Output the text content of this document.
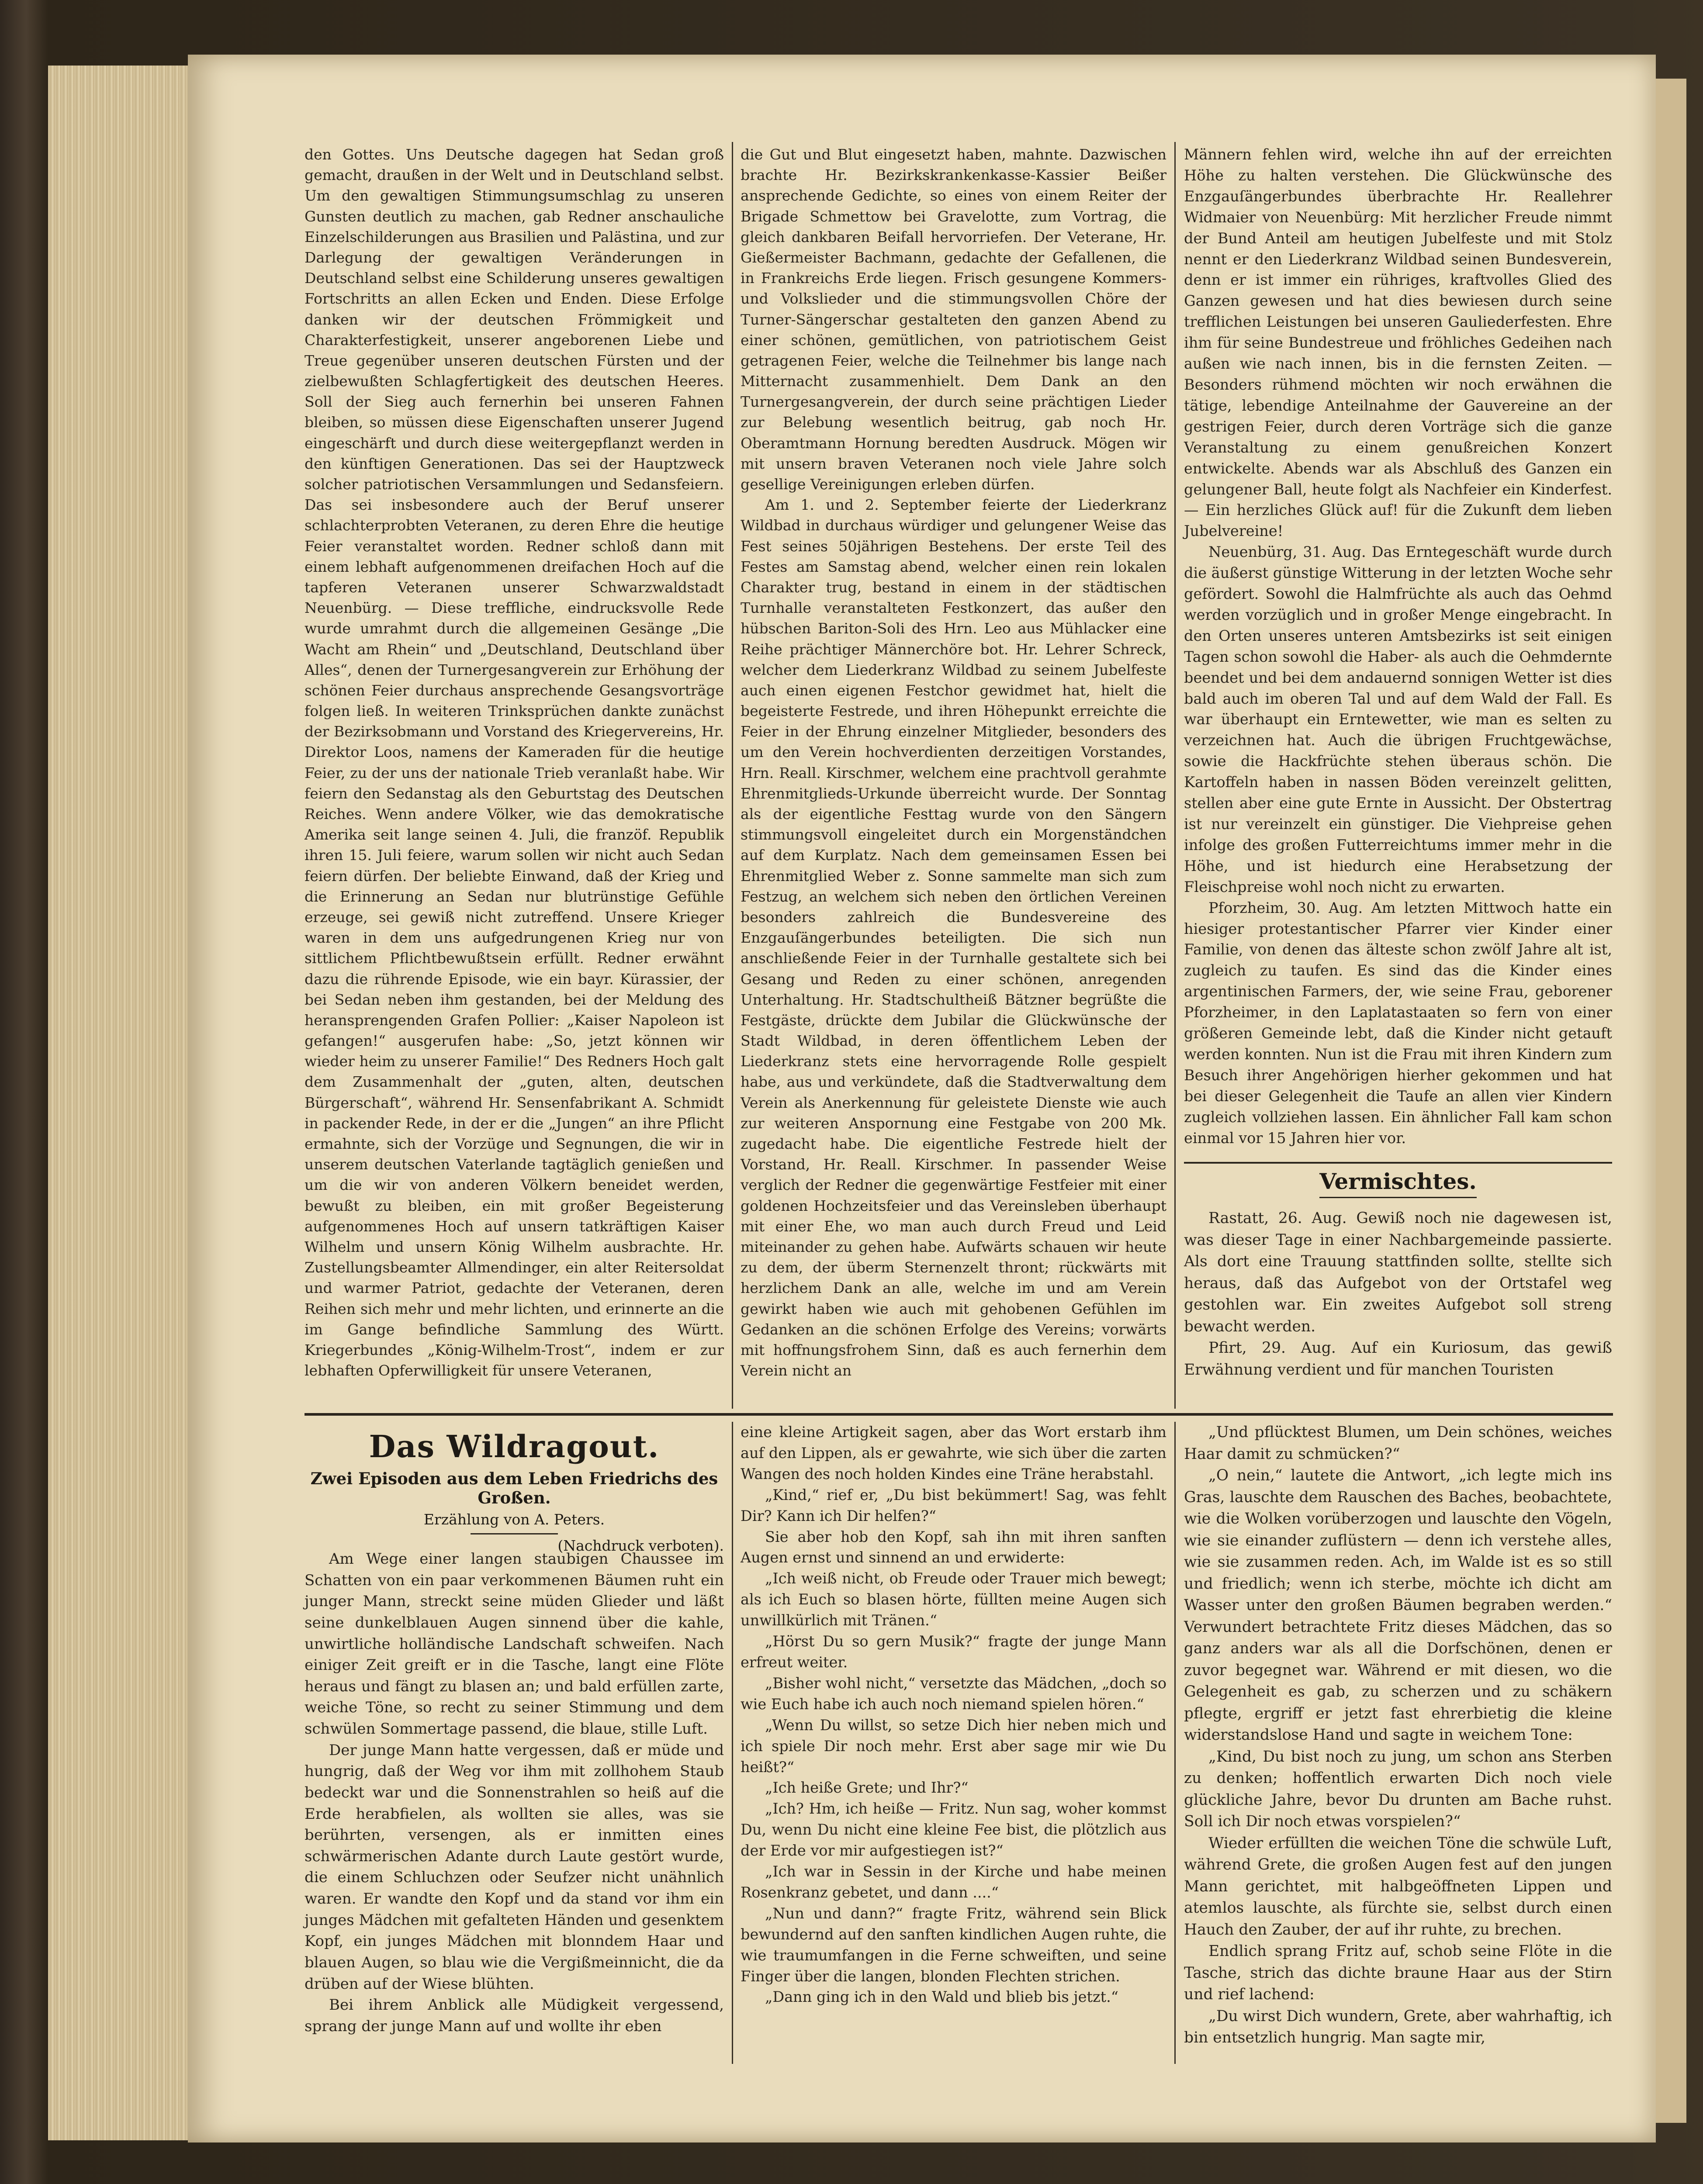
den Gottes. Uns Deutsche dagegen hat Sedan groß gemacht, draußen in der Welt und in Deutschland selbst. Um den gewaltigen Stimmungsumschlag zu unseren Gunsten deutlich zu machen, gab Redner anschauliche Einzelschilderungen aus Brasilien und Palästina, und zur Darlegung der gewaltigen Veränderungen in Deutschland selbst eine Schilderung unseres gewaltigen Fortschritts an allen Ecken und Enden. Diese Erfolge danken wir der deutschen Frömmigkeit und Charakterfestigkeit, unserer angeborenen Liebe und Treue gegenüber unseren deutschen Fürsten und der zielbewußten Schlagfertigkeit des deutschen Heeres. Soll der Sieg auch fernerhin bei unseren Fahnen bleiben, so müssen diese Eigenschaften unserer Jugend eingeschärft und durch diese weitergepflanzt werden in den künftigen Generationen. Das sei der Hauptzweck solcher patriotischen Versammlungen und Sedansfeiern. Das sei insbesondere auch der Beruf unserer schlachterprobten Veteranen, zu deren Ehre die heutige Feier veranstaltet worden. Redner schloß dann mit einem lebhaft aufgenommenen dreifachen Hoch auf die tapferen Veteranen unserer Schwarzwaldstadt Neuenbürg. — Diese treffliche, eindrucksvolle Rede wurde umrahmt durch die allgemeinen Gesänge „Die Wacht am Rhein“ und „Deutschland, Deutschland über Alles“, denen der Turnergesangverein zur Erhöhung der schönen Feier durchaus ansprechende Gesangsvorträge folgen ließ. In weiteren Trinksprüchen dankte zunächst der Bezirksobmann und Vorstand des Kriegervereins, Hr. Direktor Loos, namens der Kameraden für die heutige Feier, zu der uns der nationale Trieb veranlaßt habe. Wir feiern den Sedanstag als den Geburtstag des Deutschen Reiches. Wenn andere Völker, wie das demokratische Amerika seit lange seinen 4. Juli, die franzöf. Republik ihren 15. Juli feiere, warum sollen wir nicht auch Sedan feiern dürfen. Der beliebte Einwand, daß der Krieg und die Erinnerung an Sedan nur blutrünstige Gefühle erzeuge, sei gewiß nicht zutreffend. Unsere Krieger waren in dem uns aufgedrungenen Krieg nur von sittlichem Pflichtbewußtsein erfüllt. Redner erwähnt dazu die rührende Episode, wie ein bayr. Kürassier, der bei Sedan neben ihm gestanden, bei der Meldung des heransprengenden Grafen Pollier: „Kaiser Napoleon ist gefangen!“ ausgerufen habe: „So, jetzt können wir wieder heim zu unserer Familie!“ Des Redners Hoch galt dem Zusammenhalt der „guten, alten, deutschen Bürgerschaft“, während Hr. Sensenfabrikant A. Schmidt in packender Rede, in der er die „Jungen“ an ihre Pflicht ermahnte, sich der Vorzüge und Segnungen, die wir in unserem deutschen Vaterlande tagtäglich genießen und um die wir von anderen Völkern beneidet werden, bewußt zu bleiben, ein mit großer Begeisterung aufgenommenes Hoch auf unsern tatkräftigen Kaiser Wilhelm und unsern König Wilhelm ausbrachte. Hr. Zustellungsbeamter Allmendinger, ein alter Reitersoldat und warmer Patriot, gedachte der Veteranen, deren Reihen sich mehr und mehr lichten, und erinnerte an die im Gange befindliche Sammlung des Württ. Kriegerbundes „König-Wilhelm-Trost“, indem er zur lebhaften Opferwilligkeit für unsere Veteranen,

die Gut und Blut eingesetzt haben, mahnte. Dazwischen brachte Hr. Bezirkskrankenkasse-Kassier Beißer ansprechende Gedichte, so eines von einem Reiter der Brigade Schmettow bei Gravelotte, zum Vortrag, die gleich dankbaren Beifall hervorriefen. Der Veterane, Hr. Gießermeister Bachmann, gedachte der Gefallenen, die in Frankreichs Erde liegen. Frisch gesungene Kommers- und Volkslieder und die stimmungsvollen Chöre der Turner-Sängerschar gestalteten den ganzen Abend zu einer schönen, gemütlichen, von patriotischem Geist getragenen Feier, welche die Teilnehmer bis lange nach Mitternacht zusammenhielt. Dem Dank an den Turnergesangverein, der durch seine prächtigen Lieder zur Belebung wesentlich beitrug, gab noch Hr. Oberamtmann Hornung beredten Ausdruck. Mögen wir mit unsern braven Veteranen noch viele Jahre solch gesellige Vereinigungen erleben dürfen.

Am 1. und 2. September feierte der Liederkranz Wildbad in durchaus würdiger und gelungener Weise das Fest seines 50jährigen Bestehens. Der erste Teil des Festes am Samstag abend, welcher einen rein lokalen Charakter trug, bestand in einem in der städtischen Turnhalle veranstalteten Festkonzert, das außer den hübschen Bariton-Soli des Hrn. Leo aus Mühlacker eine Reihe prächtiger Männerchöre bot. Hr. Lehrer Schreck, welcher dem Liederkranz Wildbad zu seinem Jubelfeste auch einen eigenen Festchor gewidmet hat, hielt die begeisterte Festrede, und ihren Höhepunkt erreichte die Feier in der Ehrung einzelner Mitglieder, besonders des um den Verein hochverdienten derzeitigen Vorstandes, Hrn. Reall. Kirschmer, welchem eine prachtvoll gerahmte Ehrenmitglieds-Urkunde überreicht wurde. Der Sonntag als der eigentliche Festtag wurde von den Sängern stimmungsvoll eingeleitet durch ein Morgenständchen auf dem Kurplatz. Nach dem gemeinsamen Essen bei Ehrenmitglied Weber z. Sonne sammelte man sich zum Festzug, an welchem sich neben den örtlichen Vereinen besonders zahlreich die Bundesvereine des Enzgauſängerbundes beteiligten. Die sich nun anschließende Feier in der Turnhalle gestaltete sich bei Gesang und Reden zu einer schönen, anregenden Unterhaltung. Hr. Stadtschultheiß Bätzner begrüßte die Festgäste, drückte dem Jubilar die Glückwünsche der Stadt Wildbad, in deren öffentlichem Leben der Liederkranz stets eine hervorragende Rolle gespielt habe, aus und verkündete, daß die Stadtverwaltung dem Verein als Anerkennung für geleistete Dienste wie auch zur weiteren Anspornung eine Festgabe von 200 Mk. zugedacht habe. Die eigentliche Festrede hielt der Vorstand, Hr. Reall. Kirschmer. In passender Weise verglich der Redner die gegenwärtige Festfeier mit einer goldenen Hochzeitsfeier und das Vereinsleben überhaupt mit einer Ehe, wo man auch durch Freud und Leid miteinander zu gehen habe. Aufwärts schauen wir heute zu dem, der überm Sternenzelt thront; rückwärts mit herzlichem Dank an alle, welche im und am Verein gewirkt haben wie auch mit gehobenen Gefühlen im Gedanken an die schönen Erfolge des Vereins; vorwärts mit hoffnungsfrohem Sinn, daß es auch fernerhin dem Verein nicht an

Männern fehlen wird, welche ihn auf der erreichten Höhe zu halten verstehen. Die Glückwünsche des Enzgauſängerbundes überbrachte Hr. Reallehrer Widmaier von Neuenbürg: Mit herzlicher Freude nimmt der Bund Anteil am heutigen Jubelfeste und mit Stolz nennt er den Liederkranz Wildbad seinen Bundesverein, denn er ist immer ein rühriges, kraftvolles Glied des Ganzen gewesen und hat dies bewiesen durch seine trefflichen Leistungen bei unseren Gauliederfesten. Ehre ihm für seine Bundestreue und fröhliches Gedeihen nach außen wie nach innen, bis in die fernsten Zeiten. — Besonders rühmend möchten wir noch erwähnen die tätige, lebendige Anteilnahme der Gauvereine an der gestrigen Feier, durch deren Vorträge sich die ganze Veranstaltung zu einem genußreichen Konzert entwickelte. Abends war als Abschluß des Ganzen ein gelungener Ball, heute folgt als Nachfeier ein Kinderfest. — Ein herzliches Glück auf! für die Zukunft dem lieben Jubelvereine!

Neuenbürg, 31. Aug. Das Erntegeschäft wurde durch die äußerst günstige Witterung in der letzten Woche sehr gefördert. Sowohl die Halmfrüchte als auch das Oehmd werden vorzüglich und in großer Menge eingebracht. In den Orten unseres unteren Amtsbezirks ist seit einigen Tagen schon sowohl die Haber- als auch die Oehmdernte beendet und bei dem andauernd sonnigen Wetter ist dies bald auch im oberen Tal und auf dem Wald der Fall. Es war überhaupt ein Erntewetter, wie man es selten zu verzeichnen hat. Auch die übrigen Fruchtgewächse, sowie die Hackfrüchte stehen überaus schön. Die Kartoffeln haben in nassen Böden vereinzelt gelitten, stellen aber eine gute Ernte in Aussicht. Der Obstertrag ist nur vereinzelt ein günstiger. Die Viehpreise gehen infolge des großen Futterreichtums immer mehr in die Höhe, und ist hiedurch eine Herabsetzung der Fleischpreise wohl noch nicht zu erwarten.

Pforzheim, 30. Aug. Am letzten Mittwoch hatte ein hiesiger protestantischer Pfarrer vier Kinder einer Familie, von denen das älteste schon zwölf Jahre alt ist, zugleich zu taufen. Es sind das die Kinder eines argentinischen Farmers, der, wie seine Frau, geborener Pforzheimer, in den Laplatastaaten so fern von einer größeren Gemeinde lebt, daß die Kinder nicht getauft werden konnten. Nun ist die Frau mit ihren Kindern zum Besuch ihrer Angehörigen hierher gekommen und hat bei dieser Gelegenheit die Taufe an allen vier Kindern zugleich vollziehen lassen. Ein ähnlicher Fall kam schon einmal vor 15 Jahren hier vor.

Vermischtes.

Rastatt, 26. Aug. Gewiß noch nie dagewesen ist, was dieser Tage in einer Nachbargemeinde passierte. Als dort eine Trauung stattfinden sollte, stellte sich heraus, daß das Aufgebot von der Ortstafel weg gestohlen war. Ein zweites Aufgebot soll streng bewacht werden.

Pfirt, 29. Aug. Auf ein Kuriosum, das gewiß Erwähnung verdient und für manchen Touristen

Das Wildragout.
Zwei Episoden aus dem Leben Friedrichs des Großen.
Erzählung von A. Peters.
(Nachdruck verboten).

Am Wege einer langen staubigen Chaussee im Schatten von ein paar verkommenen Bäumen ruht ein junger Mann, streckt seine müden Glieder und läßt seine dunkelblauen Augen sinnend über die kahle, unwirtliche holländische Landschaft schweifen. Nach einiger Zeit greift er in die Tasche, langt eine Flöte heraus und fängt zu blasen an; und bald erfüllen zarte, weiche Töne, so recht zu seiner Stimmung und dem schwülen Sommertage passend, die blaue, stille Luft.

Der junge Mann hatte vergessen, daß er müde und hungrig, daß der Weg vor ihm mit zollhohem Staub bedeckt war und die Sonnenstrahlen so heiß auf die Erde herabfielen, als wollten sie alles, was sie berührten, versengen, als er inmitten eines schwärmerischen Adante durch Laute gestört wurde, die einem Schluchzen oder Seufzer nicht unähnlich waren. Er wandte den Kopf und da stand vor ihm ein junges Mädchen mit gefalteten Händen und gesenktem Kopf, ein junges Mädchen mit blonndem Haar und blauen Augen, so blau wie die Vergißmeinnicht, die da drüben auf der Wiese blühten.

Bei ihrem Anblick alle Müdigkeit vergessend, sprang der junge Mann auf und wollte ihr eben

eine kleine Artigkeit sagen, aber das Wort erstarb ihm auf den Lippen, als er gewahrte, wie sich über die zarten Wangen des noch holden Kindes eine Träne herabstahl.

„Kind,“ rief er, „Du bist bekümmert! Sag, was fehlt Dir? Kann ich Dir helfen?“

Sie aber hob den Kopf, sah ihn mit ihren sanften Augen ernst und sinnend an und erwiderte:

„Ich weiß nicht, ob Freude oder Trauer mich bewegt; als ich Euch so blasen hörte, füllten meine Augen sich unwillkürlich mit Tränen.“

„Hörst Du so gern Musik?“ fragte der junge Mann erfreut weiter.

„Bisher wohl nicht,“ versetzte das Mädchen, „doch so wie Euch habe ich auch noch niemand spielen hören.“

„Wenn Du willst, so setze Dich hier neben mich und ich spiele Dir noch mehr. Erst aber sage mir wie Du heißt?“

„Ich heiße Grete; und Ihr?“

„Ich? Hm, ich heiße — Fritz. Nun sag, woher kommst Du, wenn Du nicht eine kleine Fee bist, die plötzlich aus der Erde vor mir aufgestiegen ist?“

„Ich war in Sessin in der Kirche und habe meinen Rosenkranz gebetet, und dann ....“

„Nun und dann?“ fragte Fritz, während sein Blick bewundernd auf den sanften kindlichen Augen ruhte, die wie traumumfangen in die Ferne schweiften, und seine Finger über die langen, blonden Flechten strichen.

„Dann ging ich in den Wald und blieb bis jetzt.“

„Und pflücktest Blumen, um Dein schönes, weiches Haar damit zu schmücken?“

„O nein,“ lautete die Antwort, „ich legte mich ins Gras, lauschte dem Rauschen des Baches, beobachtete, wie die Wolken vorüberzogen und lauschte den Vögeln, wie sie einander zuflüstern — denn ich verstehe alles, wie sie zusammen reden. Ach, im Walde ist es so still und friedlich; wenn ich sterbe, möchte ich dicht am Wasser unter den großen Bäumen begraben werden.“ Verwundert betrachtete Fritz dieses Mädchen, das so ganz anders war als all die Dorfschönen, denen er zuvor begegnet war. Während er mit diesen, wo die Gelegenheit es gab, zu scherzen und zu schäkern pflegte, ergriff er jetzt fast ehrerbietig die kleine widerstandslose Hand und sagte in weichem Tone:

„Kind, Du bist noch zu jung, um schon ans Sterben zu denken; hoffentlich erwarten Dich noch viele glückliche Jahre, bevor Du drunten am Bache ruhst. Soll ich Dir noch etwas vorspielen?“

Wieder erfüllten die weichen Töne die schwüle Luft, während Grete, die großen Augen fest auf den jungen Mann gerichtet, mit halbgeöffneten Lippen und atemlos lauschte, als fürchte sie, selbst durch einen Hauch den Zauber, der auf ihr ruhte, zu brechen.

Endlich sprang Fritz auf, schob seine Flöte in die Tasche, strich das dichte braune Haar aus der Stirn und rief lachend:

„Du wirst Dich wundern, Grete, aber wahrhaftig, ich bin entsetzlich hungrig. Man sagte mir,
